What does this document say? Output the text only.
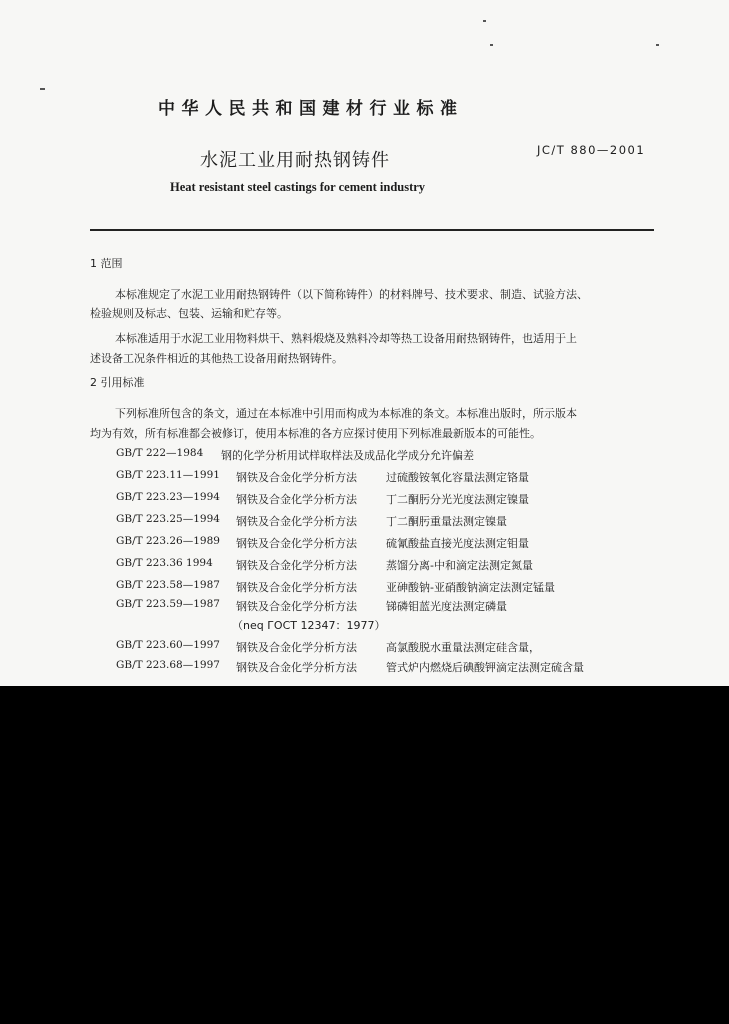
中华人民共和国建材行业标准
水泥工业用耐热钢铸件	JC/T 880—2001
Heat resistant steel castings for cement industry
1 范围
本标准规定了水泥工业用耐热钢铸件（以下简称铸件）的材料牌号、技术要求、制造、试验方法、
检验规则及标志、包装、运输和贮存等。
本标准适用于水泥工业用物料烘干、熟料煅烧及熟料冷却等热工设备用耐热钢铸件，也适用于上
述设备工况条件相近的其他热工设备用耐热钢铸件。
2 引用标准
下列标准所包含的条文，通过在本标准中引用而构成为本标准的条文。本标准出版时，所示版本
均为有效，所有标准都会被修订，使用本标准的各方应探讨使用下列标准最新版本的可能性。
GB/T 222—1984 钢的化学分析用试样取样法及成品化学成分允许偏差
GB/T 223.11—1991 钢铁及合金化学分析方法	过硫酸铵氧化容量法测定铬量
GB/T 223.23—1994 钢铁及合金化学分析方法	丁二酮肟分光光度法测定镍量
GB/T 223.25—1994 钢铁及合金化学分析方法	丁二酮肟重量法测定镍量
GB/T 223.26—1989 钢铁及合金化学分析方法	硫氰酸盐直接光度法测定钼量
GB/T 223.36 1994 钢铁及合金化学分析方法	蒸馏分离-中和滴定法测定氮量
GB/T 223.58—1987 钢铁及合金化学分析方法	亚砷酸钠-亚硝酸钠滴定法测定锰量
GB/T 223.59—1987 钢铁及合金化学分析方法	锑磷钼蓝光度法测定磷量
（neq ГОСТ 12347：1977）
GB/T 223.60—1997 钢铁及合金化学分析方法	高氯酸脱水重量法测定硅含量，
GB/T 223.68—1997 钢铁及合金化学分析方法	管式炉内燃烧后碘酸钾滴定法测定硫含量
